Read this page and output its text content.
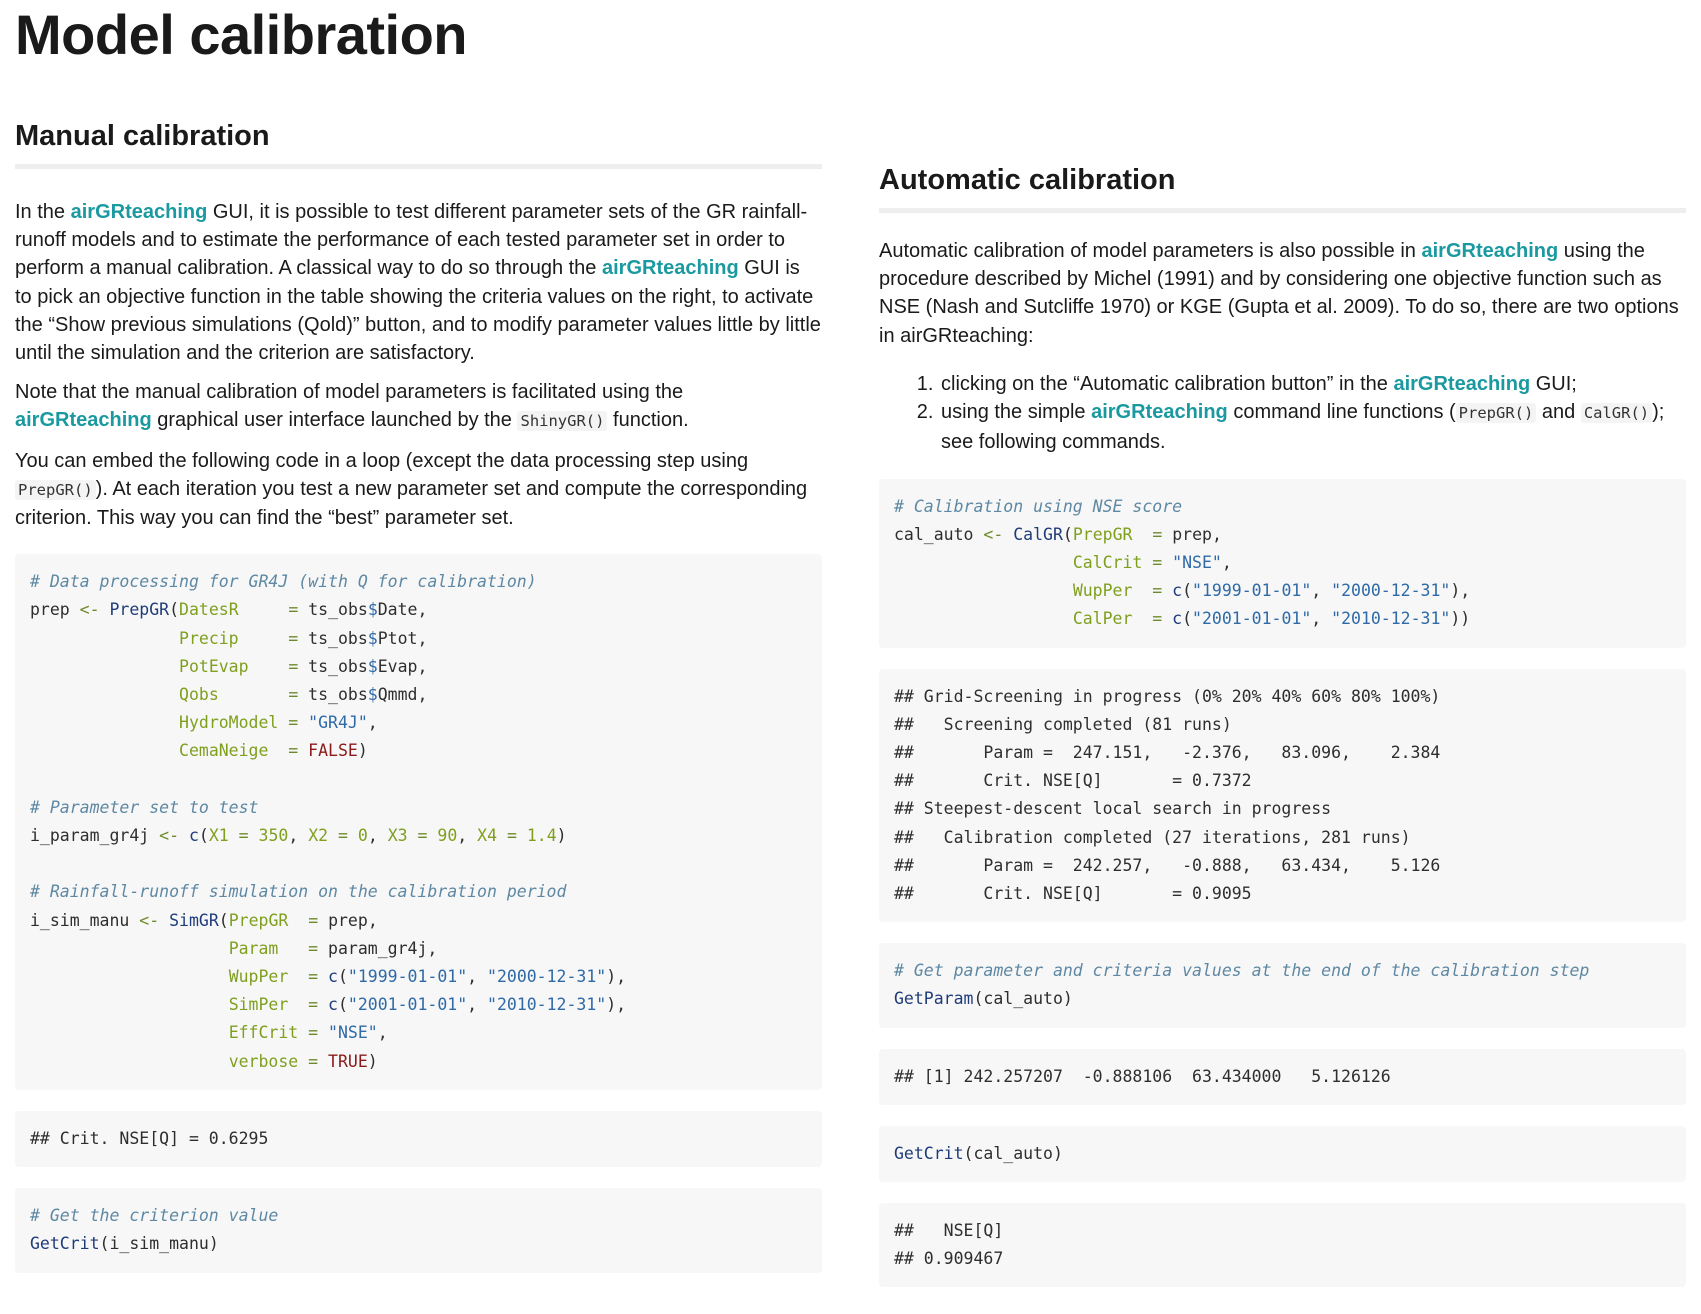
Model calibration
Manual calibration
In the airGRteaching GUI, it is possible to test different parameter sets of the GR rainfall-runoff models and to estimate the performance of each tested parameter set in order to perform a manual calibration. A classical way to do so through the airGRteaching GUI is to pick an objective function in the table showing the criteria values on the right, to activate the “Show previous simulations (Qold)” button, and to modify parameter values little by little until the simulation and the criterion are satisfactory.
Note that the manual calibration of model parameters is facilitated using the airGRteaching graphical user interface launched by the ShinyGR() function.
You can embed the following code in a loop (except the data processing step using PrepGR() ). At each iteration you test a new parameter set and compute the corresponding criterion. This way you can find the “best” parameter set.
# Data processing for GR4J (with Q for calibration)
prep <- PrepGR(DatesR	= ts_obs$Date,
Precip	= ts_obs$Ptot,
PotEvap = ts_obs$Evap,
Qobs	= ts_obs$Qmmd,
HydroModel = "GR4J",
CemaNeige = FALSE)

# Parameter set to test
i_param_gr4j <- c(X1 = 350, X2 = 0, X3 = 90, X4 = 1.4)

# Rainfall-runoff simulation on the calibration period
i_sim_manu <- SimGR(PrepGR = prep,
Param = param_gr4j,
WupPer = c("1999-01-01", "2000-12-31"),
SimPer = c("2001-01-01", "2010-12-31"),
EffCrit = "NSE",
verbose = TRUE)
## Crit. NSE[Q] = 0.6295
# Get the criterion value
GetCrit(i_sim_manu)
Automatic calibration
Automatic calibration of model parameters is also possible in airGRteaching using the procedure described by Michel (1991) and by considering one objective function such as NSE (Nash and Sutcliffe 1970) or KGE (Gupta et al. 2009). To do so, there are two options in airGRteaching:
1. clicking on the “Automatic calibration button” in the airGRteaching GUI;
2. using the simple airGRteaching command line functions ( PrepGR() and CalGR() ); see following commands.
# Calibration using NSE score
cal_auto <- CalGR(PrepGR = prep,
CalCrit = "NSE",
WupPer = c("1999-01-01", "2000-12-31"),
CalPer = c("2001-01-01", "2010-12-31"))
## Grid-Screening in progress (0% 20% 40% 60% 80% 100%)
##   Screening completed (81 runs)
##       Param =  247.151,   -2.376,   83.096,    2.384
##       Crit. NSE[Q]       = 0.7372
## Steepest-descent local search in progress
##   Calibration completed (27 iterations, 281 runs)
##       Param =  242.257,   -0.888,   63.434,    5.126
##       Crit. NSE[Q]       = 0.9095
# Get parameter and criteria values at the end of the calibration step
GetParam(cal_auto)
## [1] 242.257207  -0.888106  63.434000   5.126126
GetCrit(cal_auto)
##   NSE[Q]
## 0.909467
